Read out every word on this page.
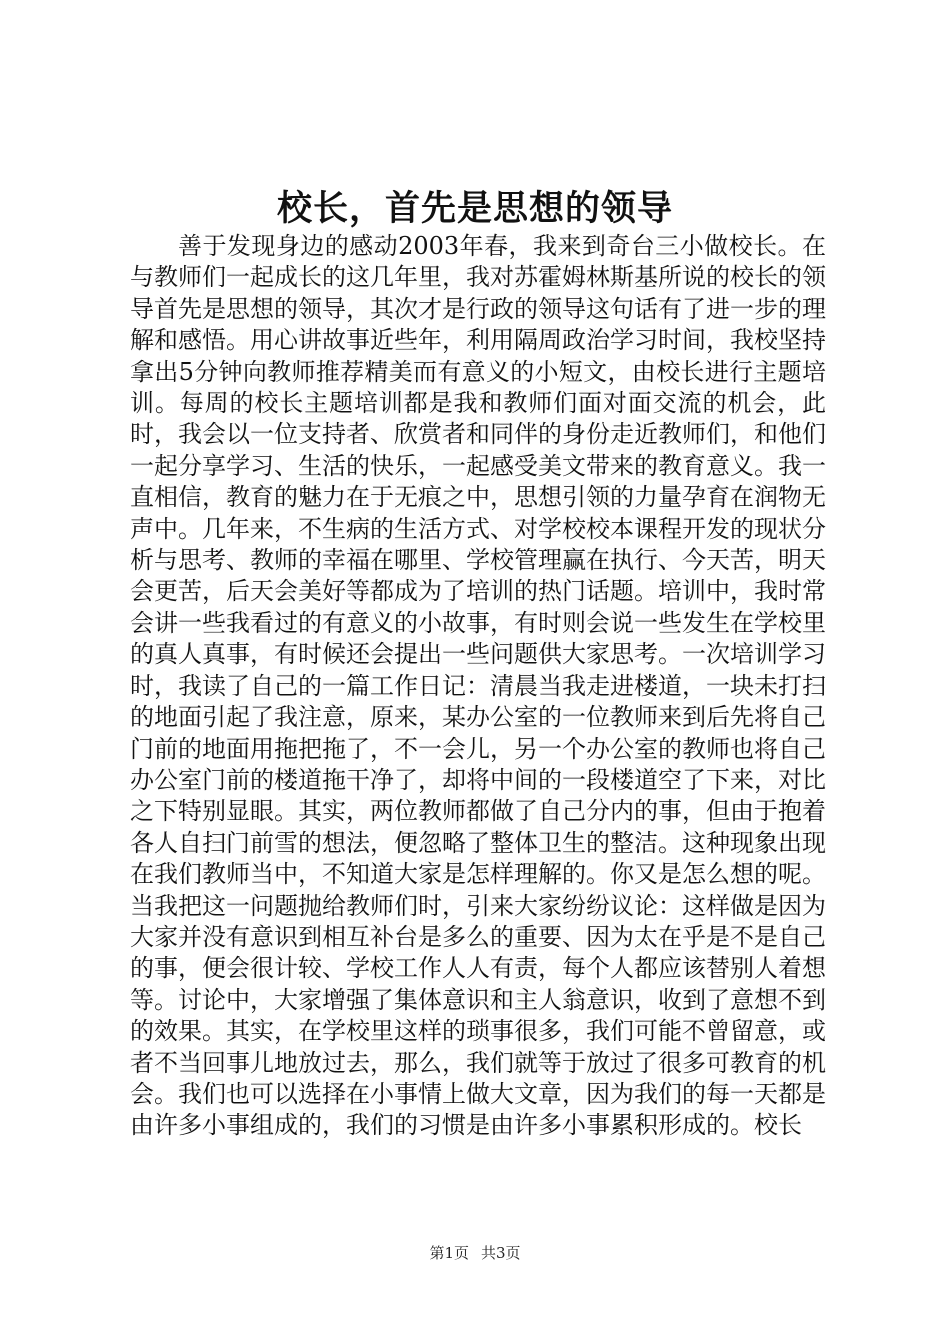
校长，首先是思想的领导

善于发现身边的感动2003年春，我来到奇台三小做校长。在与教师们一起成长的这几年里，我对苏霍姆林斯基所说的校长的领导首先是思想的领导，其次才是行政的领导这句话有了进一步的理解和感悟。用心讲故事近些年，利用隔周政治学习时间，我校坚持拿出5分钟向教师推荐精美而有意义的小短文，由校长进行主题培训。每周的校长主题培训都是我和教师们面对面交流的机会，此时，我会以一位支持者、欣赏者和同伴的身份走近教师们，和他们一起分享学习、生活的快乐，一起感受美文带来的教育意义。我一直相信，教育的魅力在于无痕之中，思想引领的力量孕育在润物无声中。几年来，不生病的生活方式、对学校校本课程开发的现状分析与思考、教师的幸福在哪里、学校管理赢在执行、今天苦，明天会更苦，后天会美好等都成为了培训的热门话题。培训中，我时常会讲一些我看过的有意义的小故事，有时则会说一些发生在学校里的真人真事，有时候还会提出一些问题供大家思考。一次培训学习时，我读了自己的一篇工作日记：清晨当我走进楼道，一块未打扫的地面引起了我注意，原来，某办公室的一位教师来到后先将自己门前的地面用拖把拖了，不一会儿，另一个办公室的教师也将自己办公室门前的楼道拖干净了，却将中间的一段楼道空了下来，对比之下特别显眼。其实，两位教师都做了自己分内的事，但由于抱着各人自扫门前雪的想法，便忽略了整体卫生的整洁。这种现象出现在我们教师当中，不知道大家是怎样理解的。你又是怎么想的呢。当我把这一问题抛给教师们时，引来大家纷纷议论：这样做是因为大家并没有意识到相互补台是多么的重要、因为太在乎是不是自己的事，便会很计较、学校工作人人有责，每个人都应该替别人着想等。讨论中，大家增强了集体意识和主人翁意识，收到了意想不到的效果。其实，在学校里这样的琐事很多，我们可能不曾留意，或者不当回事儿地放过去，那么，我们就等于放过了很多可教育的机会。我们也可以选择在小事情上做大文章，因为我们的每一天都是由许多小事组成的，我们的习惯是由许多小事累积形成的。校长

第1页 共3页
